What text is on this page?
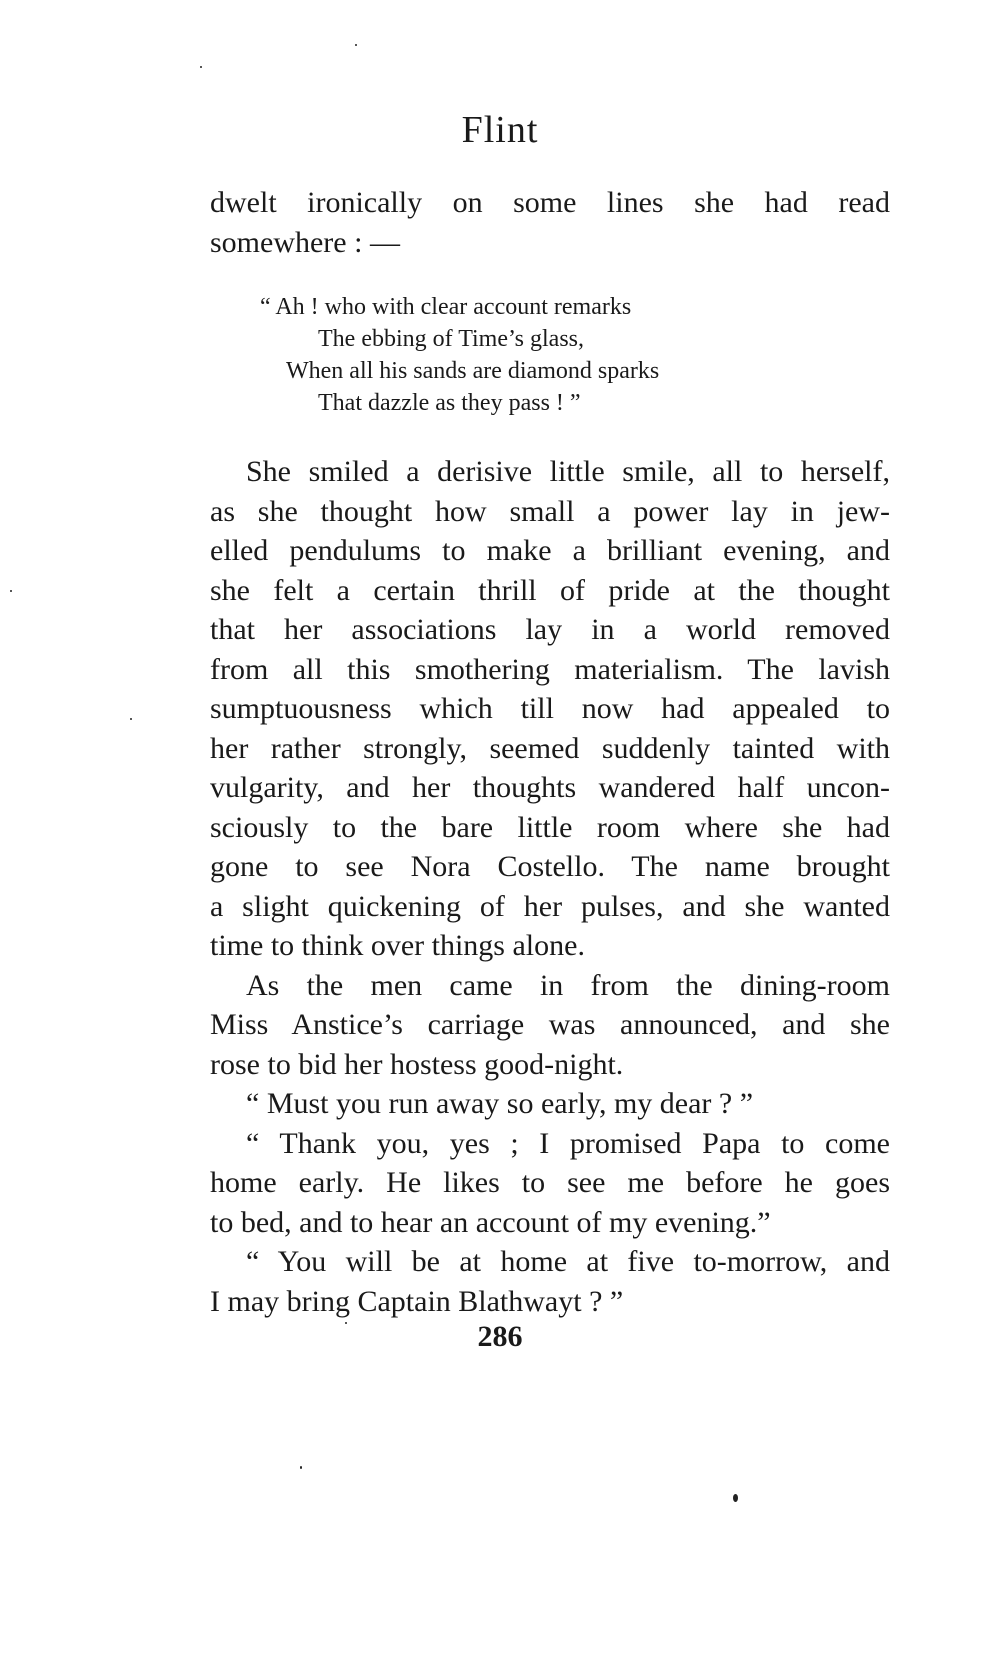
Flint
dwelt ironically on some lines she had read
somewhere : —
“ Ah ! who with clear account remarks
The ebbing of Time’s glass,
When all his sands are diamond sparks
That dazzle as they pass ! ”

She smiled a derisive little smile, all to herself,
as she thought how small a power lay in jew-
elled pendulums to make a brilliant evening, and
she felt a certain thrill of pride at the thought
that her associations lay in a world removed
from all this smothering materialism. The lavish
sumptuousness which till now had appealed to
her rather strongly, seemed suddenly tainted with
vulgarity, and her thoughts wandered half uncon-
sciously to the bare little room where she had
gone to see Nora Costello. The name brought
a slight quickening of her pulses, and she wanted
time to think over things alone.

As the men came in from the dining-room
Miss Anstice’s carriage was announced, and she
rose to bid her hostess good-night.

“ Must you run away so early, my dear ? ”

“ Thank you, yes ; I promised Papa to come
home early. He likes to see me before he goes
to bed, and to hear an account of my evening.”

“ You will be at home at five to-morrow, and
I may bring Captain Blathwayt ? ”

286
